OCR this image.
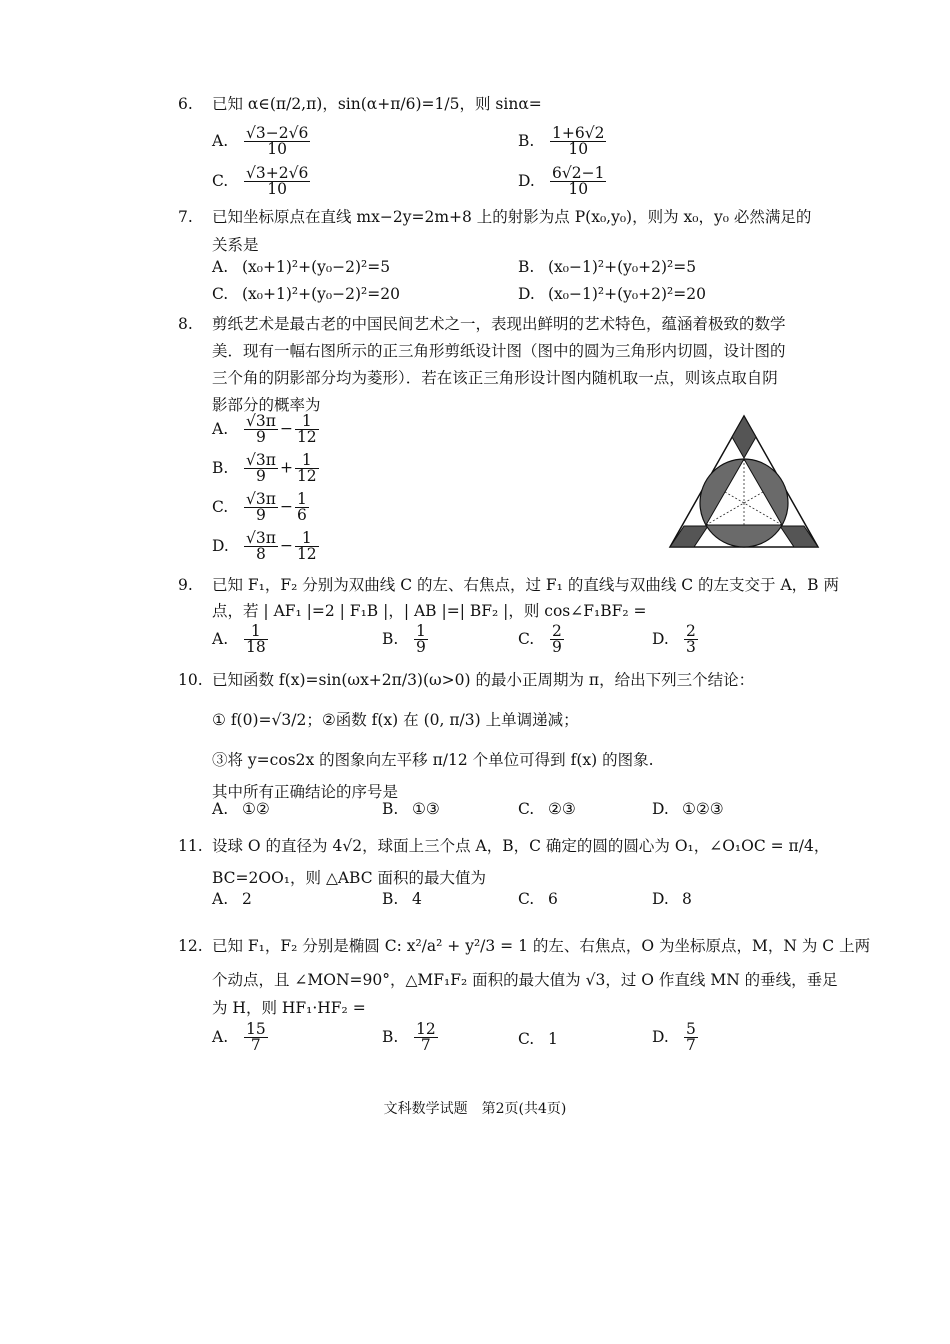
6. 已知 α∈(π/2,π)，sin(α+π/6)=1/5，则 sinα=
A. $\frac{√3-2√6}{10}$	B. $\frac{1+6√2}{10}$
C. $\frac{√3+2√6}{10}$	D. $\frac{6√2-1}{10}$
7. 已知坐标原点在直线 mx−2y=2m+8 上的射影为点 P(x₀,y₀)，则为 x₀，y₀ 必然满足的
关系是
A. (x₀+1)²+(y₀−2)²=5	B. (x₀−1)²+(y₀+2)²=5
C. (x₀+1)²+(y₀−2)²=20	D. (x₀−1)²+(y₀+2)²=20
8. 剪纸艺术是最古老的中国民间艺术之一，表现出鲜明的艺术特色，蕴涵着极致的数学
美．现有一幅右图所示的正三角形剪纸设计图（图中的圆为三角形内切圆，设计图的
三个角的阴影部分均为菱形）．若在该正三角形设计图内随机取一点，则该点取自阴
影部分的概率为
A. $\frac{√3\pi}{9} - \frac{1}{12}$
B. $\frac{√3\pi}{9} + \frac{1}{12}$
C. $\frac{√3\pi}{9} - \frac{1}{6}$
D. $\frac{√3\pi}{8} - \frac{1}{12}$
9. 已知 F₁，F₂ 分别为双曲线 C 的左、右焦点，过 F₁ 的直线与双曲线 C 的左支交于 A，B 两
点，若 | AF₁ |=2 | F₁B |，| AB |=| BF₂ |，则 cos∠F₁BF₂ =
A. $\frac{1}{18}$	B. $\frac{1}{9}$	C. $\frac{2}{9}$	D. $\frac{2}{3}$
10. 已知函数 f(x)=sin(ωx+2π/3)(ω>0) 的最小正周期为 π，给出下列三个结论：
① f(0)=√3/2；②函数 f(x) 在 (0, π/3) 上单调递减；
③将 y=cos2x 的图象向左平移 π/12 个单位可得到 f(x) 的图象.
其中所有正确结论的序号是
A. ①②	B. ①③	C. ②③	D. ①②③
11. 设球 O 的直径为 4√2，球面上三个点 A，B，C 确定的圆的圆心为 O₁，∠O₁OC = π/4，
BC=2OO₁，则 △ABC 面积的最大值为
A. 2	B. 4	C. 6	D. 8
12. 已知 F₁，F₂ 分别是椭圆 C: x²/a² + y²/3 = 1 的左、右焦点，O 为坐标原点，M，N 为 C 上两
个动点，且 ∠MON=90°，△MF₁F₂ 面积的最大值为 √3，过 O 作直线 MN 的垂线，垂足
为 H，则 HF₁·HF₂ =
A. $\frac{15}{7}$	B. $\frac{12}{7}$	C. 1	D. $\frac{5}{7}$
文科数学试题　第2页(共4页)
